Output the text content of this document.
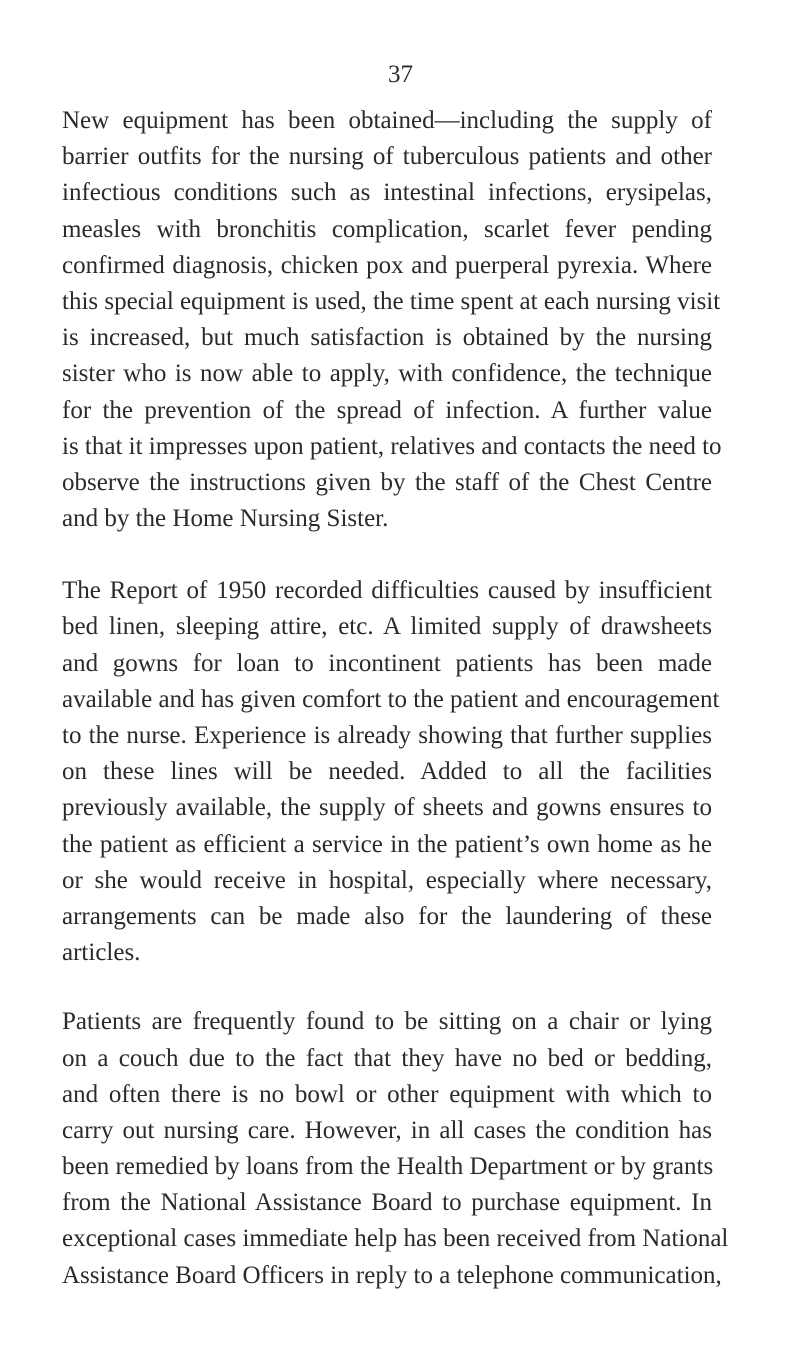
37
New equipment has been obtained—including the supply of
barrier outfits for the nursing of tuberculous patients and other
infectious conditions such as intestinal infections, erysipelas,
measles with bronchitis complication, scarlet fever pending
confirmed diagnosis, chicken pox and puerperal pyrexia. Where
this special equipment is used, the time spent at each nursing visit
is increased, but much satisfaction is obtained by the nursing
sister who is now able to apply, with confidence, the technique
for the prevention of the spread of infection. A further value
is that it impresses upon patient, relatives and contacts the need to
observe the instructions given by the staff of the Chest Centre
and by the Home Nursing Sister.
The Report of 1950 recorded difficulties caused by insufficient
bed linen, sleeping attire, etc. A limited supply of drawsheets
and gowns for loan to incontinent patients has been made
available and has given comfort to the patient and encouragement
to the nurse. Experience is already showing that further supplies
on these lines will be needed. Added to all the facilities
previously available, the supply of sheets and gowns ensures to
the patient as efficient a service in the patient’s own home as he
or she would receive in hospital, especially where necessary,
arrangements can be made also for the laundering of these
articles.
Patients are frequently found to be sitting on a chair or lying
on a couch due to the fact that they have no bed or bedding,
and often there is no bowl or other equipment with which to
carry out nursing care. However, in all cases the condition has
been remedied by loans from the Health Department or by grants
from the National Assistance Board to purchase equipment. In
exceptional cases immediate help has been received from National
Assistance Board Officers in reply to a telephone communication,
